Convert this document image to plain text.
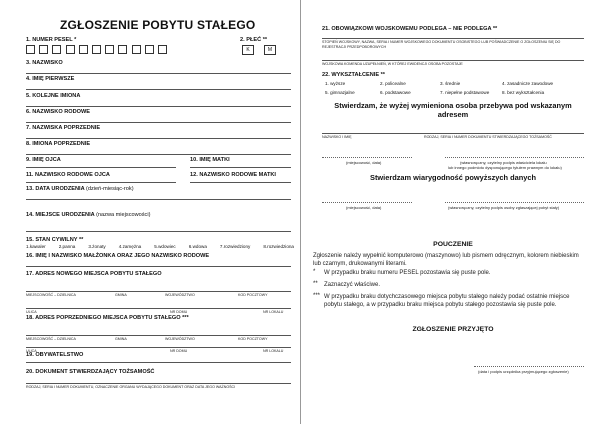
ZGŁOSZENIE POBYTU STAŁEGO
1. NUMER PESEL *	2. PŁEĆ **
K	M
3. NAZWISKO
4. IMIĘ PIERWSZE
5. KOLEJNE IMIONA
6. NAZWISKO RODOWE
7. NAZWISKA POPRZEDNIE
8. IMIONA POPRZEDNIE
9. IMIĘ OJCA	10. IMIĘ MATKI
11. NAZWISKO RODOWE OJCA	12. NAZWISKO RODOWE MATKI
13. DATA URODZENIA (dzień-miesiąc-rok)
14. MIEJSCE URODZENIA (nazwa miejscowości)
15. STAN CYWILNY **
1.kawaler	2.panna	3.żonaty	4.zamężna	5.wdowiec	6.wdowa	7.rozwiedziony	8.rozwiedziona
16. IMIĘ I NAZWISKO MAŁŻONKA ORAZ JEGO NAZWISKO RODOWE
17. ADRES NOWEGO MIEJSCA POBYTU STAŁEGO
MIEJSCOWOŚĆ – DZIELNICA	GMINA	WOJEWÓDZTWO	KOD POCZTOWY
ULICA	NR DOMU	NR LOKALU
18. ADRES POPRZEDNIEGO MIEJSCA POBYTU STAŁEGO ***
MIEJSCOWOŚĆ – DZIELNICA	GMINA	WOJEWÓDZTWO	KOD POCZTOWY
ULICA	NR DOMU	NR LOKALU
19. OBYWATELSTWO
20. DOKUMENT STWIERDZAJĄCY TOŻSAMOŚĆ
RODZAJ, SERIA I NUMER DOKUMENTU, OZNACZENIE ORGANU WYDAJĄCEGO DOKUMENT ORAZ DATA JEGO WAŻNOŚCI
21. OBOWIĄZKOWI WOJSKOWEMU PODLEGA – NIE PODLEGA **
STOPIEŃ WOJSKOWY, NAZWA, SERIA I NUMER WOJSKOWEGO DOKUMENTU OSOBISTEGO LUB POŚWIADCZENIE O ZGŁOSZENIU SIĘ DO REJESTRACJI PRZEDPOBOROWYCH
WOJSKOWA KOMENDA UZUPEŁNIEŃ, W KTÓREJ EWIDENCJI OSOBA POZOSTAJE
22. WYKSZTAŁCENIE **
1. wyższe	2. policealne	3. średnie	4. zasadnicze zawodowe
5. gimnazjalne	6. podstawowe	7. niepełne podstawowe	8. bez wykształcenia
Stwierdzam, że wyżej wymieniona osoba przebywa pod wskazanym adresem
NAZWISKO I IMIĘ	RODZAJ, SERIA I NUMER DOKUMENTU STWIERDZAJĄCEGO TOŻSAMOŚĆ
(miejscowość, data)	(własnoręczny, czytelny podpis właściciela lokalu
lub innego podmiotu dysponującego tytułem prawnym do lokalu)
Stwierdzam wiarygodność powyższych danych
(miejscowość, data)	(własnoręczny, czytelny podpis osoby zgłaszającej pobyt stały)
POUCZENIE
Zgłoszenie należy wypełnić komputerowo (maszynowo) lub pismem odręcznym, kolorem niebieskim lub czarnym, drukowanymi literami.
* W przypadku braku numeru PESEL pozostawia się puste pole.
** Zaznaczyć właściwe.
*** W przypadku braku dotychczasowego miejsca pobytu stałego należy podać ostatnie miejsce pobytu stałego, a w przypadku braku miejsca pobytu stałego pozostawia się puste pole.
ZGŁOSZENIE PRZYJĘTO
(data i podpis urzędnika przyjmującego zgłoszenie)
